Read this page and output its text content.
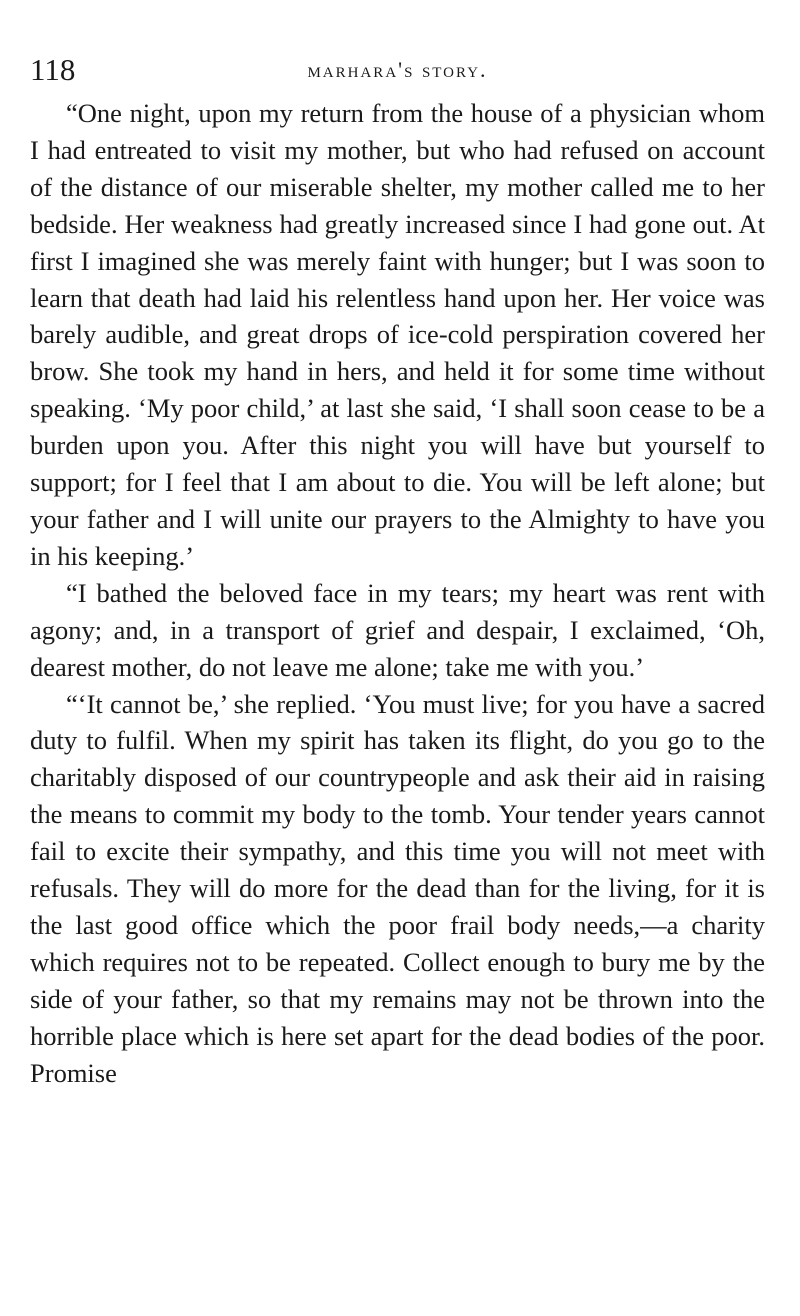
118	marhara's story.

“One night, upon my return from the house of a physician whom I had entreated to visit my mother, but who had refused on account of the distance of our miserable shelter, my mother called me to her bedside. Her weakness had greatly increased since I had gone out. At first I imagined she was merely faint with hunger; but I was soon to learn that death had laid his relentless hand upon her. Her voice was barely audible, and great drops of ice-cold perspiration covered her brow. She took my hand in hers, and held it for some time without speaking. ‘My poor child,’ at last she said, ‘I shall soon cease to be a burden upon you. After this night you will have but yourself to support; for I feel that I am about to die. You will be left alone; but your father and I will unite our prayers to the Almighty to have you in his keeping.’

“I bathed the beloved face in my tears; my heart was rent with agony; and, in a transport of grief and despair, I exclaimed, ‘Oh, dearest mother, do not leave me alone; take me with you.’

“‘It cannot be,’ she replied. ‘You must live; for you have a sacred duty to fulfil. When my spirit has taken its flight, do you go to the charitably disposed of our countrypeople and ask their aid in raising the means to commit my body to the tomb. Your tender years cannot fail to excite their sympathy, and this time you will not meet with refusals. They will do more for the dead than for the living, for it is the last good office which the poor frail body needs,—a charity which requires not to be repeated. Collect enough to bury me by the side of your father, so that my remains may not be thrown into the horrible place which is here set apart for the dead bodies of the poor. Promise
